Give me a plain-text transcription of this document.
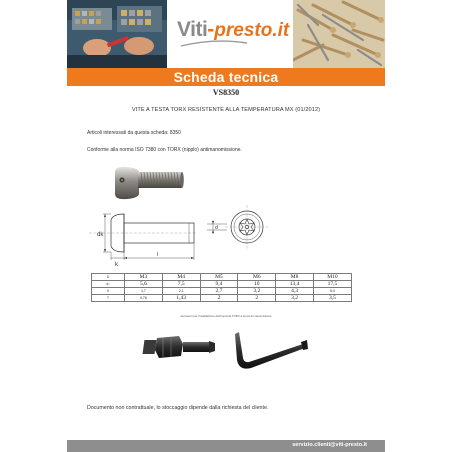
Viti-presto.it
Scheda tecnica
VS8350
VITE A TESTA TORX RESISTENTE ALLA TEMPERATURA MX (01/2012)
Articoli interessati da questa scheda: 8350
Conforme alla norma ISO 7380 con TORX (nipplo) antimanomissione.
dk
k
l
d
D	M3	M4	M5	M6	M8	M10
dₖ	5,6	7,5	9,4	10	13,4	17,5
K	1,7	2,1	2,7	3,2	4,3	5,4
T	0,76	1,43	2	2	3,2	3,5
Accessori per l'installazione dell'impronta TORX a prova di manomissione
Documento non contrattuale, lo stoccaggio dipende dalla richiesta del cliente.
servizio.clienti@viti-presto.it
